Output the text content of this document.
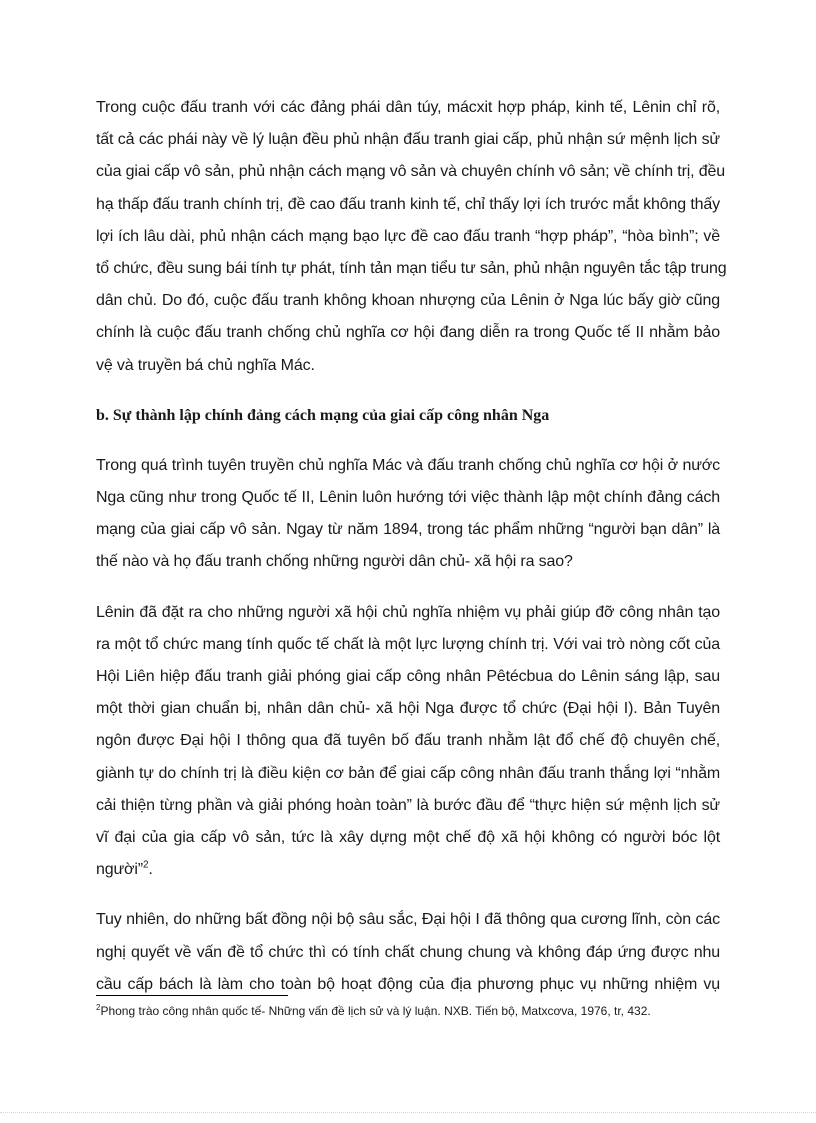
Trong cuộc đấu tranh với các đảng phái dân túy, mácxit hợp pháp, kinh tế, Lênin chỉ rõ,
tất cả các phái này về lý luận đều phủ nhận đấu tranh giai cấp, phủ nhận sứ mệnh lịch sử
của giai cấp vô sản, phủ nhận cách mạng vô sản và chuyên chính vô sản; về chính trị, đều
hạ thấp đấu tranh chính trị, đề cao đấu tranh kinh tế, chỉ thấy lợi ích trước mắt không thấy
lợi ích lâu dài, phủ nhận cách mạng bạo lực đề cao đấu tranh “hợp pháp”, “hòa bình”; về
tổ chức, đều sung bái tính tự phát, tính tản mạn tiểu tư sản, phủ nhận nguyên tắc tập trung
dân chủ. Do đó, cuộc đấu tranh không khoan nhượng của Lênin ở Nga lúc bấy giờ cũng
chính là cuộc đấu tranh chống chủ nghĩa cơ hội đang diễn ra trong Quốc tế II nhằm bảo
vệ và truyền bá chủ nghĩa Mác.
b. Sự thành lập chính đảng cách mạng của giai cấp công nhân Nga
Trong quá trình tuyên truyền chủ nghĩa Mác và đấu tranh chống chủ nghĩa cơ hội ở nước
Nga cũng như trong Quốc tế II, Lênin luôn hướng tới việc thành lập một chính đảng cách
mạng của giai cấp vô sản. Ngay từ năm 1894, trong tác phẩm những “người bạn dân” là
thế nào và họ đấu tranh chống những người dân chủ- xã hội ra sao?
Lênin đã đặt ra cho những người xã hội chủ nghĩa nhiệm vụ phải giúp đỡ công nhân tạo
ra một tổ chức mang tính quốc tế chất là một lực lượng chính trị. Với vai trò nòng cốt của
Hội Liên hiệp đấu tranh giải phóng giai cấp công nhân Pêtécbua do Lênin sáng lập, sau
một thời gian chuẩn bị, nhân dân chủ- xã hội Nga được tổ chức (Đại hội I). Bản Tuyên
ngôn được Đại hội I thông qua đã tuyên bố đấu tranh nhằm lật đổ chế độ chuyên chế,
giành tự do chính trị là điều kiện cơ bản để giai cấp công nhân đấu tranh thắng lợi “nhằm
cải thiện từng phần và giải phóng hoàn toàn” là bước đầu để “thực hiện sứ mệnh lịch sử
vĩ đại của gia cấp vô sản, tức là xây dựng một chế độ xã hội không có người bóc lột
người”$^2$.
Tuy nhiên, do những bất đồng nội bộ sâu sắc, Đại hội I đã thông qua cương lĩnh, còn các
nghị quyết về vấn đề tổ chức thì có tính chất chung chung và không đáp ứng được nhu
cầu cấp bách là làm cho toàn bộ hoạt động của địa phương phục vụ những nhiệm vụ
$^2$Phong trào công nhân quốc tế- Những vấn đề lịch sử và lý luận. NXB. Tiến bộ, Matxcơva, 1976, tr, 432.
